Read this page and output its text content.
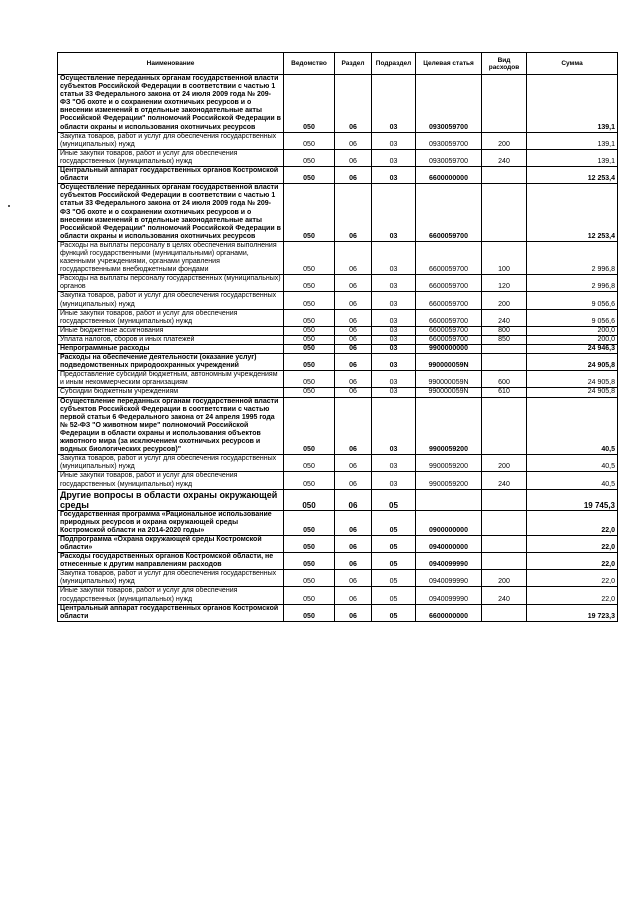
Наименование	Ведомство	Раздел	Подраздел	Целевая статья	Вид расходов	Сумма
Осуществление переданных органам государственной власти субъектов Российской Федерации в соответствии с частью 1 статьи 33 Федерального закона от 24 июля 2009 года № 209-ФЗ "Об охоте и о сохранении охотничьих ресурсов и о внесении изменений в отдельные законодательные акты Российской Федерации" полномочий Российской Федерации в области охраны и использования охотничьих ресурсов	050	06	03	0930059700		139,1
Закупка товаров, работ и услуг для обеспечения государственных (муниципальных) нужд	050	06	03	0930059700	200	139,1
Иные закупки товаров, работ и услуг для обеспечения государственных (муниципальных) нужд	050	06	03	0930059700	240	139,1
Центральный аппарат государственных органов Костромской области	050	06	03	6600000000		12 253,4
Осуществление переданных органам государственной власти субъектов Российской Федерации в соответствии с частью 1 статьи 33 Федерального закона от 24 июля 2009 года № 209-ФЗ "Об охоте и о сохранении охотничьих ресурсов и о внесении изменений в отдельные законодательные акты Российской Федерации" полномочий Российской Федерации в области охраны и использования охотничьих ресурсов	050	06	03	6600059700		12 253,4
Расходы на выплаты персоналу в целях обеспечения выполнения функций государственными (муниципальными) органами, казенными учреждениями, органами управления государственными внебюджетными фондами	050	06	03	6600059700	100	2 996,8
Расходы на выплаты персоналу государственных (муниципальных) органов	050	06	03	6600059700	120	2 996,8
Закупка товаров, работ и услуг для обеспечения государственных (муниципальных) нужд	050	06	03	6600059700	200	9 056,6
Иные закупки товаров, работ и услуг для обеспечения государственных (муниципальных) нужд	050	06	03	6600059700	240	9 056,6
Иные бюджетные ассигнования	050	06	03	6600059700	800	200,0
Уплата налогов, сборов и иных платежей	050	06	03	6600059700	850	200,0
Непрограммные расходы	050	06	03	9900000000		24 946,3
Расходы на обеспечение деятельности (оказание услуг) подведомственных природоохранных учреждений	050	06	03	990000059N		24 905,8
Предоставление субсидий бюджетным, автономным учреждениям и иным некоммерческим организациям	050	06	03	990000059N	600	24 905,8
Субсидии бюджетным учреждениям	050	06	03	990000059N	610	24 905,8
Осуществление переданных органам государственной власти субъектов Российской Федерации в соответствии с частью первой статьи 6 Федерального закона от 24 апреля 1995 года № 52-ФЗ "О животном мире" полномочий Российской Федерации в области охраны и использования объектов животного мира (за исключением охотничьих ресурсов и водных биологических ресурсов)"	050	06	03	9900059200		40,5
Закупка товаров, работ и услуг для обеспечения государственных (муниципальных) нужд	050	06	03	9900059200	200	40,5
Иные закупки товаров, работ и услуг для обеспечения государственных (муниципальных) нужд	050	06	03	9900059200	240	40,5
Другие вопросы в области охраны окружающей среды	050	06	05			19 745,3
Государственная программа «Рациональное использование природных ресурсов и охрана окружающей среды Костромской области на 2014-2020 годы»	050	06	05	0900000000		22,0
Подпрограмма «Охрана окружающей среды Костромской области»	050	06	05	0940000000		22,0
Расходы государственных органов Костромской области, не отнесенные к другим направлениям расходов	050	06	05	0940099990		22,0
Закупка товаров, работ и услуг для обеспечения государственных (муниципальных) нужд	050	06	05	0940099990	200	22,0
Иные закупки товаров, работ и услуг для обеспечения государственных (муниципальных) нужд	050	06	05	0940099990	240	22,0
Центральный аппарат государственных органов Костромской области	050	06	05	6600000000		19 723,3
